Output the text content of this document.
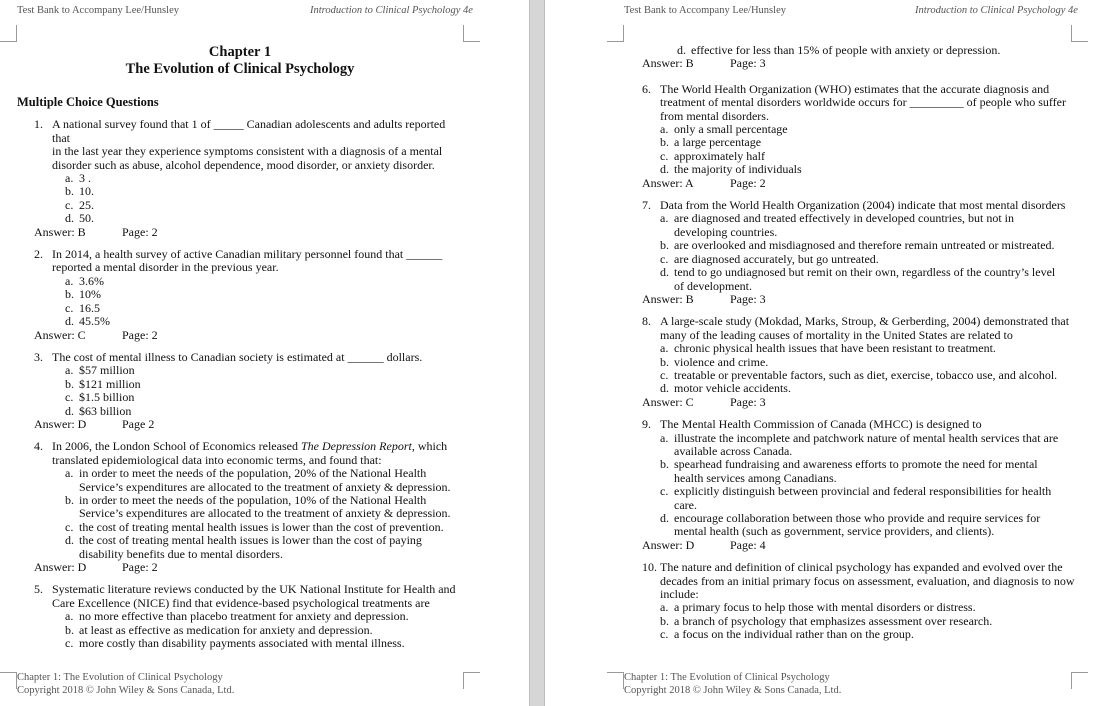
Test Bank to Accompany Lee/Hunsley	Introduction to Clinical Psychology 4e
Chapter 1
The Evolution of Clinical Psychology
Multiple Choice Questions
1. A national survey found that 1 of _____ Canadian adolescents and adults reported that
in the last year they experience symptoms consistent with a diagnosis of a mental
disorder such as abuse, alcohol dependence, mood disorder, or anxiety disorder.
a. 3 .
b. 10.
c. 25.
d. 50.
Answer: B	Page: 2
2. In 2014, a health survey of active Canadian military personnel found that ______
reported a mental disorder in the previous year.
a. 3.6%
b. 10%
c. 16.5
d. 45.5%
Answer: C	Page: 2
3. The cost of mental illness to Canadian society is estimated at ______ dollars.
a. $57 million
b. $121 million
c. $1.5 billion
d. $63 billion
Answer: D	Page 2
4. In 2006, the London School of Economics released The Depression Report, which
translated epidemiological data into economic terms, and found that:
a. in order to meet the needs of the population, 20% of the National Health
Service’s expenditures are allocated to the treatment of anxiety & depression.
b. in order to meet the needs of the population, 10% of the National Health
Service’s expenditures are allocated to the treatment of anxiety & depression.
c. the cost of treating mental health issues is lower than the cost of prevention.
d. the cost of treating mental health issues is lower than the cost of paying
disability benefits due to mental disorders.
Answer: D	Page: 2
5. Systematic literature reviews conducted by the UK National Institute for Health and
Care Excellence (NICE) find that evidence-based psychological treatments are
a. no more effective than placebo treatment for anxiety and depression.
b. at least as effective as medication for anxiety and depression.
c. more costly than disability payments associated with mental illness.
Chapter 1: The Evolution of Clinical Psychology
Copyright 2018 © John Wiley & Sons Canada, Ltd.
Test Bank to Accompany Lee/Hunsley	Introduction to Clinical Psychology 4e
d. effective for less than 15% of people with anxiety or depression.
Answer: B	Page: 3
6. The World Health Organization (WHO) estimates that the accurate diagnosis and
treatment of mental disorders worldwide occurs for _________ of people who suffer
from mental disorders.
a. only a small percentage
b. a large percentage
c. approximately half
d. the majority of individuals
Answer: A	Page: 2
7. Data from the World Health Organization (2004) indicate that most mental disorders
a. are diagnosed and treated effectively in developed countries, but not in
developing countries.
b. are overlooked and misdiagnosed and therefore remain untreated or mistreated.
c. are diagnosed accurately, but go untreated.
d. tend to go undiagnosed but remit on their own, regardless of the country’s level
of development.
Answer: B	Page: 3
8. A large-scale study (Mokdad, Marks, Stroup, & Gerberding, 2004) demonstrated that
many of the leading causes of mortality in the United States are related to
a. chronic physical health issues that have been resistant to treatment.
b. violence and crime.
c. treatable or preventable factors, such as diet, exercise, tobacco use, and alcohol.
d. motor vehicle accidents.
Answer: C	Page: 3
9. The Mental Health Commission of Canada (MHCC) is designed to
a. illustrate the incomplete and patchwork nature of mental health services that are
available across Canada.
b. spearhead fundraising and awareness efforts to promote the need for mental
health services among Canadians.
c. explicitly distinguish between provincial and federal responsibilities for health
care.
d. encourage collaboration between those who provide and require services for
mental health (such as government, service providers, and clients).
Answer: D	Page: 4
10. The nature and definition of clinical psychology has expanded and evolved over the
decades from an initial primary focus on assessment, evaluation, and diagnosis to now
include:
a. a primary focus to help those with mental disorders or distress.
b. a branch of psychology that emphasizes assessment over research.
c. a focus on the individual rather than on the group.
Chapter 1: The Evolution of Clinical Psychology
Copyright 2018 © John Wiley & Sons Canada, Ltd.
